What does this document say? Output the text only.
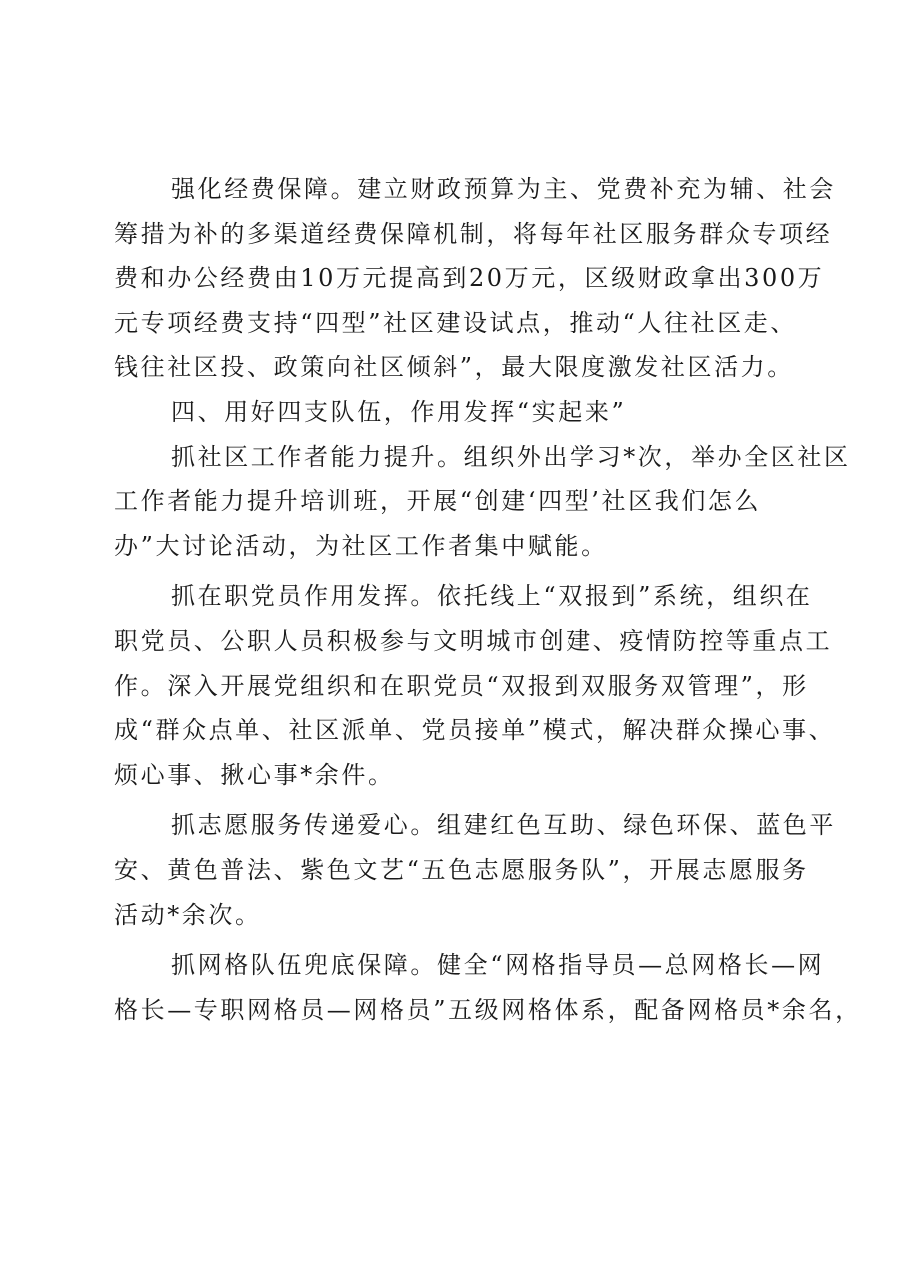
强化经费保障。建立财政预算为主、党费补充为辅、社会
筹措为补的多渠道经费保障机制，将每年社区服务群众专项经
费和办公经费由10万元提高到20万元，区级财政拿出300万
元专项经费支持“四型”社区建设试点，推动“人往社区走、
钱往社区投、政策向社区倾斜”，最大限度激发社区活力。

四、用好四支队伍，作用发挥“实起来”

抓社区工作者能力提升。组织外出学习*次，举办全区社区
工作者能力提升培训班，开展“创建‘四型’社区我们怎么
办”大讨论活动，为社区工作者集中赋能。

抓在职党员作用发挥。依托线上“双报到”系统，组织在
职党员、公职人员积极参与文明城市创建、疫情防控等重点工
作。深入开展党组织和在职党员“双报到双服务双管理”，形
成“群众点单、社区派单、党员接单”模式，解决群众操心事、
烦心事、揪心事*余件。

抓志愿服务传递爱心。组建红色互助、绿色环保、蓝色平
安、黄色普法、紫色文艺“五色志愿服务队”，开展志愿服务
活动*余次。

抓网格队伍兜底保障。健全“网格指导员—总网格长—网
格长—专职网格员—网格员”五级网格体系，配备网格员*余名，
